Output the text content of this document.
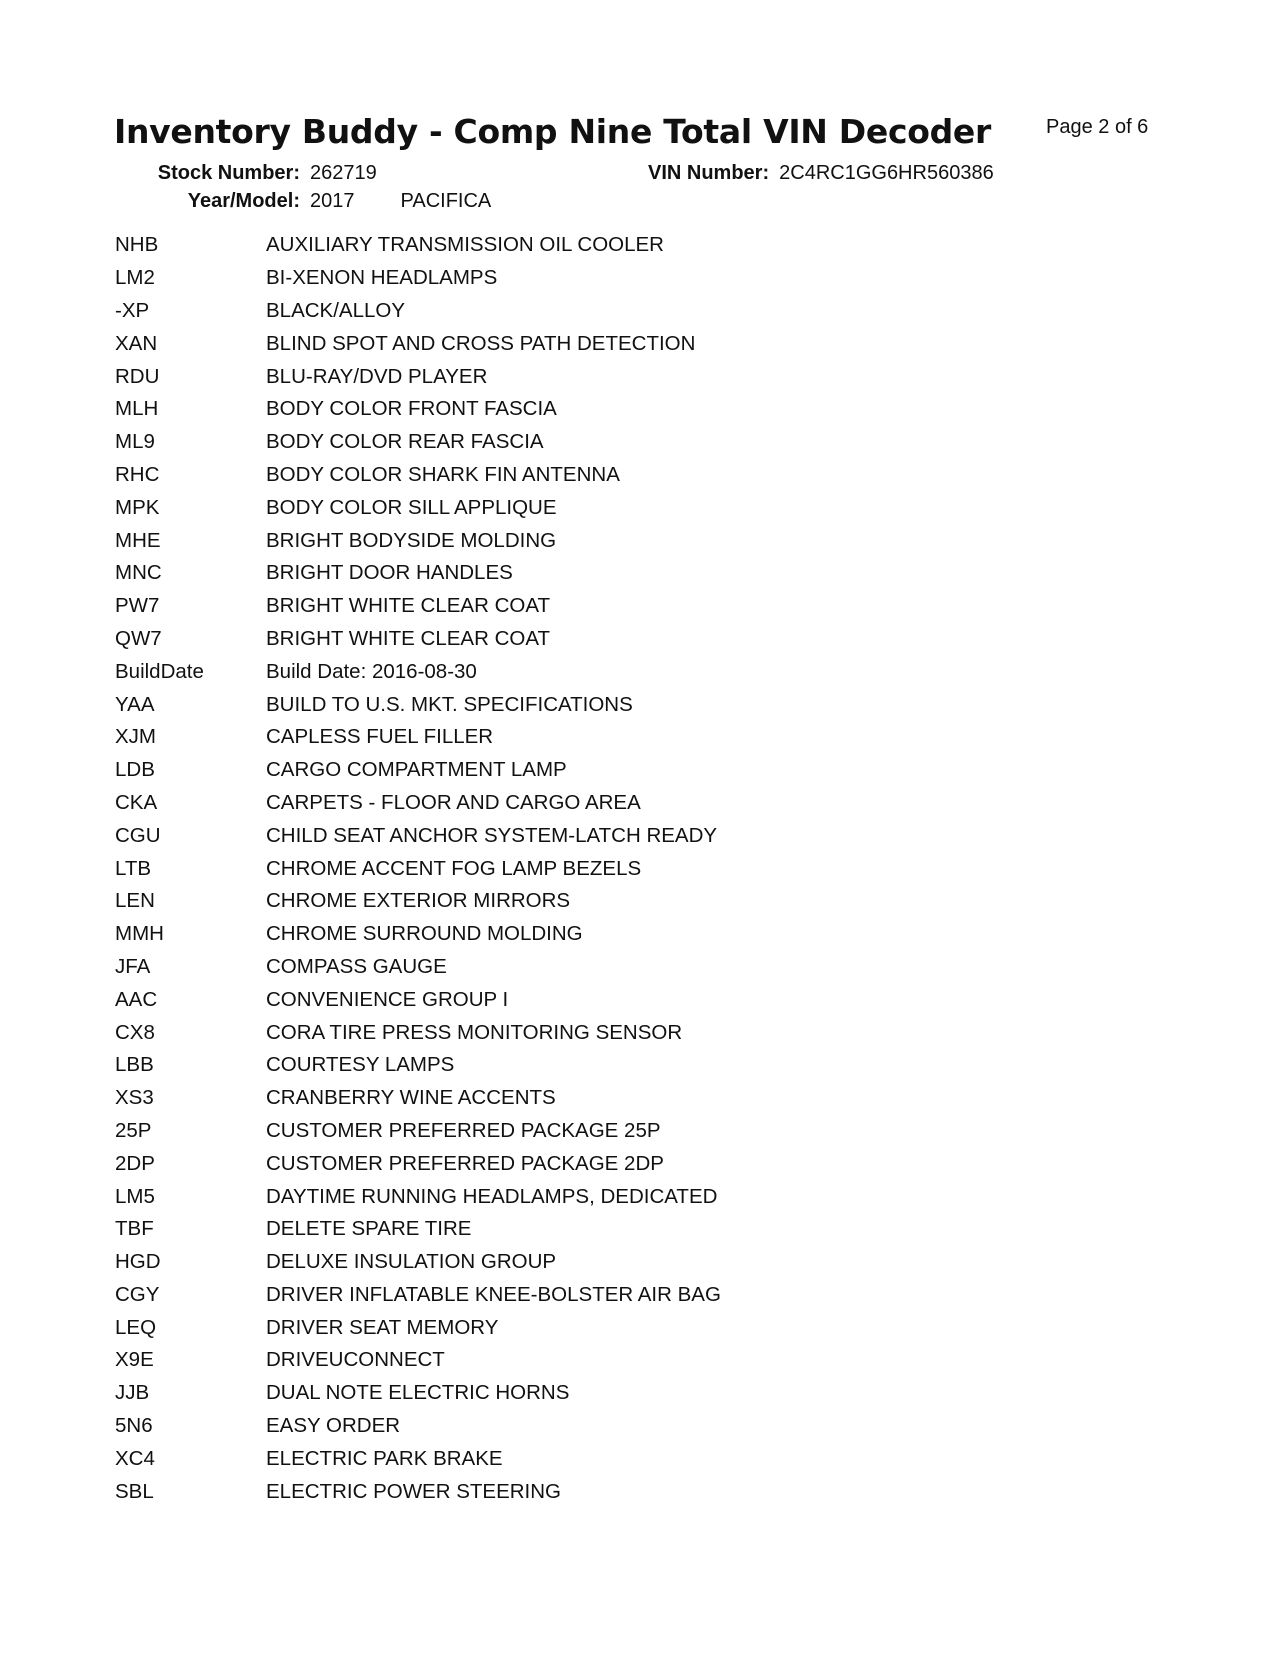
Inventory Buddy - Comp Nine Total VIN Decoder	Page 2 of 6
Stock Number: 262719	VIN Number: 2C4RC1GG6HR560386
Year/Model: 2017 PACIFICA
NHB	AUXILIARY TRANSMISSION OIL COOLER
LM2	BI-XENON HEADLAMPS
-XP	BLACK/ALLOY
XAN	BLIND SPOT AND CROSS PATH DETECTION
RDU	BLU-RAY/DVD PLAYER
MLH	BODY COLOR FRONT FASCIA
ML9	BODY COLOR REAR FASCIA
RHC	BODY COLOR SHARK FIN ANTENNA
MPK	BODY COLOR SILL APPLIQUE
MHE	BRIGHT BODYSIDE MOLDING
MNC	BRIGHT DOOR HANDLES
PW7	BRIGHT WHITE CLEAR COAT
QW7	BRIGHT WHITE CLEAR COAT
BuildDate	Build Date: 2016-08-30
YAA	BUILD TO U.S. MKT. SPECIFICATIONS
XJM	CAPLESS FUEL FILLER
LDB	CARGO COMPARTMENT LAMP
CKA	CARPETS - FLOOR AND CARGO AREA
CGU	CHILD SEAT ANCHOR SYSTEM-LATCH READY
LTB	CHROME ACCENT FOG LAMP BEZELS
LEN	CHROME EXTERIOR MIRRORS
MMH	CHROME SURROUND MOLDING
JFA	COMPASS GAUGE
AAC	CONVENIENCE GROUP I
CX8	CORA TIRE PRESS MONITORING SENSOR
LBB	COURTESY LAMPS
XS3	CRANBERRY WINE ACCENTS
25P	CUSTOMER PREFERRED PACKAGE 25P
2DP	CUSTOMER PREFERRED PACKAGE 2DP
LM5	DAYTIME RUNNING HEADLAMPS, DEDICATED
TBF	DELETE SPARE TIRE
HGD	DELUXE INSULATION GROUP
CGY	DRIVER INFLATABLE KNEE-BOLSTER AIR BAG
LEQ	DRIVER SEAT MEMORY
X9E	DRIVEUCONNECT
JJB	DUAL NOTE ELECTRIC HORNS
5N6	EASY ORDER
XC4	ELECTRIC PARK BRAKE
SBL	ELECTRIC POWER STEERING
